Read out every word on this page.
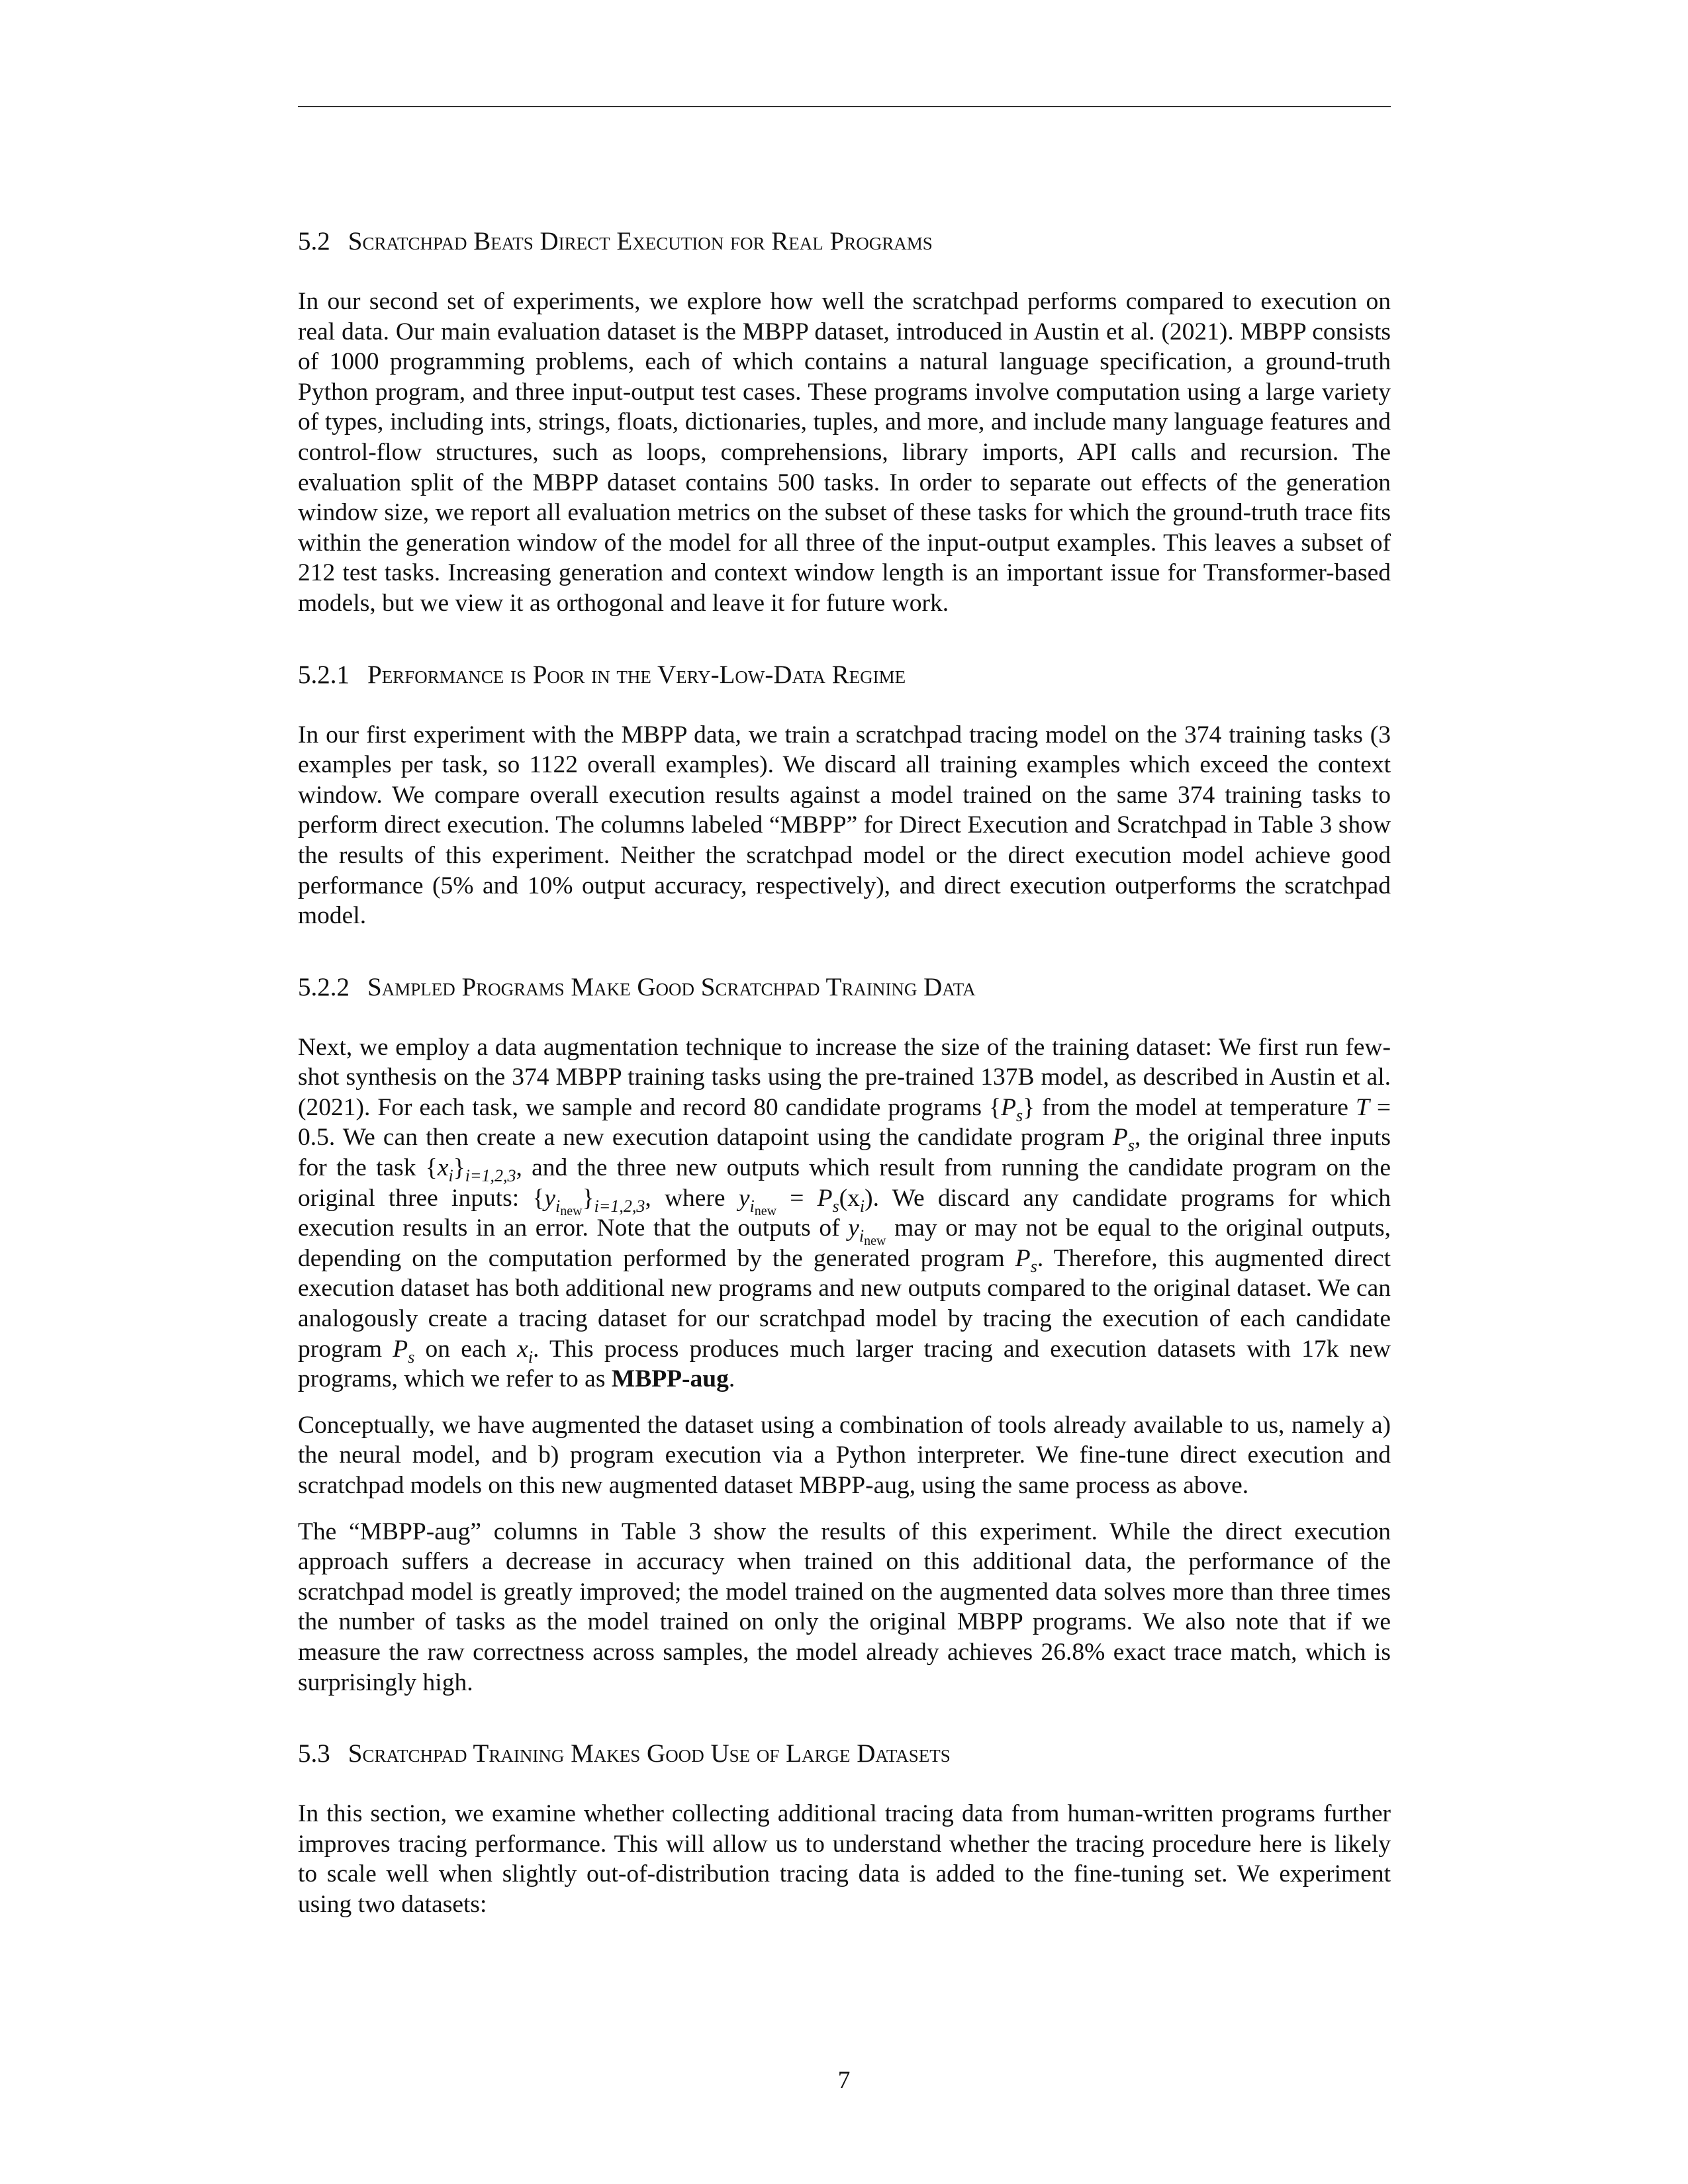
5.2 Scratchpad Beats Direct Execution for Real Programs

In our second set of experiments, we explore how well the scratchpad performs compared to execution on real data. Our main evaluation dataset is the MBPP dataset, introduced in Austin et al. (2021). MBPP consists of 1000 programming problems, each of which contains a natural language specification, a ground-truth Python program, and three input-output test cases. These programs involve computation using a large variety of types, including ints, strings, floats, dictionaries, tuples, and more, and include many language features and control-flow structures, such as loops, comprehensions, library imports, API calls and recursion. The evaluation split of the MBPP dataset contains 500 tasks. In order to separate out effects of the generation window size, we report all evaluation metrics on the subset of these tasks for which the ground-truth trace fits within the generation window of the model for all three of the input-output examples. This leaves a subset of 212 test tasks. Increasing generation and context window length is an important issue for Transformer-based models, but we view it as orthogonal and leave it for future work.

5.2.1 Performance is Poor in the Very-Low-Data Regime

In our first experiment with the MBPP data, we train a scratchpad tracing model on the 374 training tasks (3 examples per task, so 1122 overall examples). We discard all training examples which exceed the context window. We compare overall execution results against a model trained on the same 374 training tasks to perform direct execution. The columns labeled “MBPP” for Direct Execution and Scratchpad in Table 3 show the results of this experiment. Neither the scratchpad model or the direct execution model achieve good performance (5% and 10% output accuracy, respectively), and direct execution outperforms the scratchpad model.

5.2.2 Sampled Programs Make Good Scratchpad Training Data

Next, we employ a data augmentation technique to increase the size of the training dataset: We first run few-shot synthesis on the 374 MBPP training tasks using the pre-trained 137B model, as described in Austin et al. (2021). For each task, we sample and record 80 candidate programs $\{P_s\}$ from the model at temperature T = 0.5. We can then create a new execution datapoint using the candidate program $P_s$, the original three inputs for the task $\{x_i\}_{i=1,2,3}$, and the three new outputs which result from running the candidate program on the original three inputs: $\{y_{inew}\}_{i=1,2,3}$, where $y_{inew} = P_s(x_i)$. We discard any candidate programs for which execution results in an error. Note that the outputs of $y_{inew}$ may or may not be equal to the original outputs, depending on the computation performed by the generated program $P_s$. Therefore, this augmented direct execution dataset has both additional new programs and new outputs compared to the original dataset. We can analogously create a tracing dataset for our scratchpad model by tracing the execution of each candidate program $P_s$ on each $x_i$. This process produces much larger tracing and execution datasets with 17k new programs, which we refer to as MBPP-aug.

Conceptually, we have augmented the dataset using a combination of tools already available to us, namely a) the neural model, and b) program execution via a Python interpreter. We fine-tune direct execution and scratchpad models on this new augmented dataset MBPP-aug, using the same process as above.

The “MBPP-aug” columns in Table 3 show the results of this experiment. While the direct execution approach suffers a decrease in accuracy when trained on this additional data, the performance of the scratchpad model is greatly improved; the model trained on the augmented data solves more than three times the number of tasks as the model trained on only the original MBPP programs. We also note that if we measure the raw correctness across samples, the model already achieves 26.8% exact trace match, which is surprisingly high.

5.3 Scratchpad Training Makes Good Use of Large Datasets

In this section, we examine whether collecting additional tracing data from human-written programs further improves tracing performance. This will allow us to understand whether the tracing procedure here is likely to scale well when slightly out-of-distribution tracing data is added to the fine-tuning set. We experiment using two datasets:

7
